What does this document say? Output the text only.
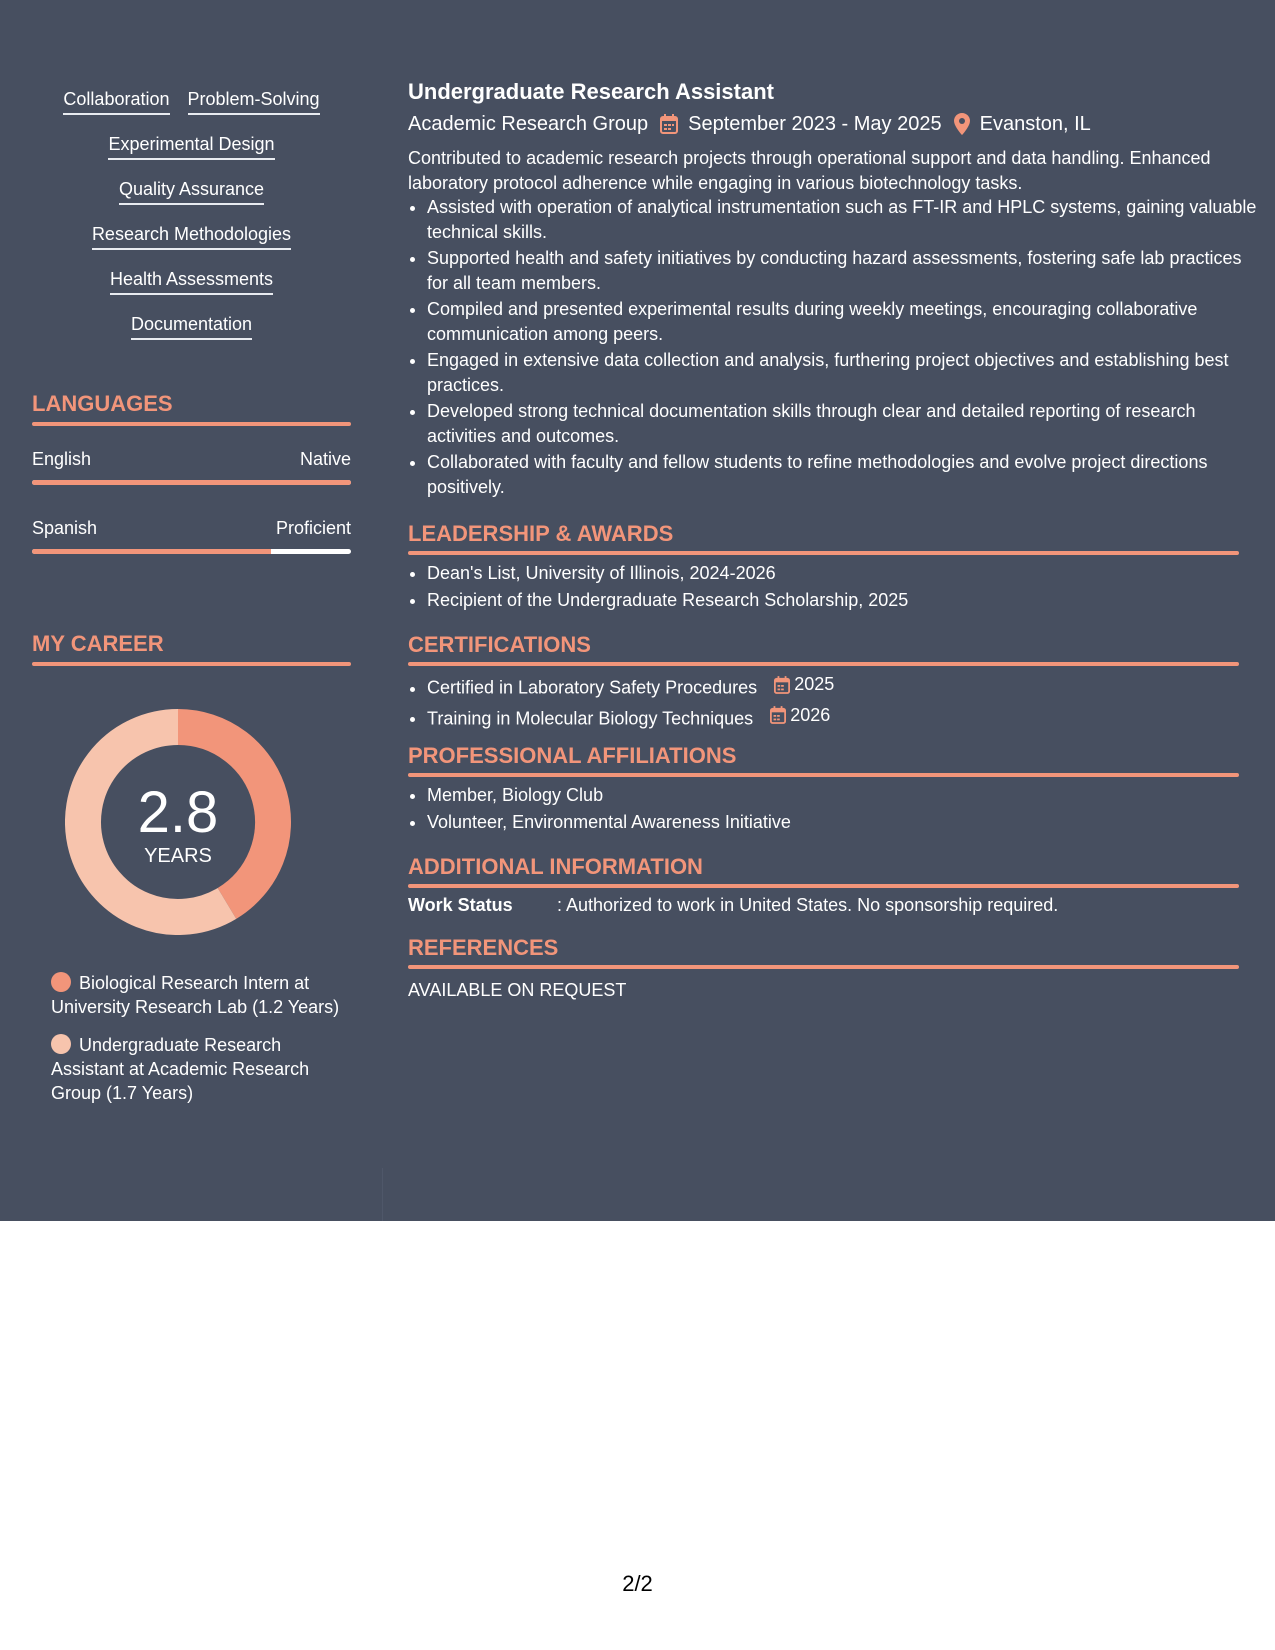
Collaboration Problem-Solving
Experimental Design
Quality Assurance
Research Methodologies
Health Assessments
Documentation
LANGUAGES
English	Native
Spanish	Proficient
MY CAREER
2.8
YEARS
Biological Research Intern at University Research Lab (1.2 Years)
Undergraduate Research Assistant at Academic Research Group (1.7 Years)
Undergraduate Research Assistant
Academic Research Group September 2023 - May 2025 Evanston, IL
Contributed to academic research projects through operational support and data handling. Enhanced laboratory protocol adherence while engaging in various biotechnology tasks.
• Assisted with operation of analytical instrumentation such as FT-IR and HPLC systems, gaining valuable technical skills.
• Supported health and safety initiatives by conducting hazard assessments, fostering safe lab practices for all team members.
• Compiled and presented experimental results during weekly meetings, encouraging collaborative communication among peers.
• Engaged in extensive data collection and analysis, furthering project objectives and establishing best practices.
• Developed strong technical documentation skills through clear and detailed reporting of research activities and outcomes.
• Collaborated with faculty and fellow students to refine methodologies and evolve project directions positively.
LEADERSHIP & AWARDS
• Dean's List, University of Illinois, 2024-2026
• Recipient of the Undergraduate Research Scholarship, 2025
CERTIFICATIONS
• Certified in Laboratory Safety Procedures 2025
• Training in Molecular Biology Techniques 2026
PROFESSIONAL AFFILIATIONS
• Member, Biology Club
• Volunteer, Environmental Awareness Initiative
ADDITIONAL INFORMATION
Work Status : Authorized to work in United States. No sponsorship required.
REFERENCES
AVAILABLE ON REQUEST
2/2
